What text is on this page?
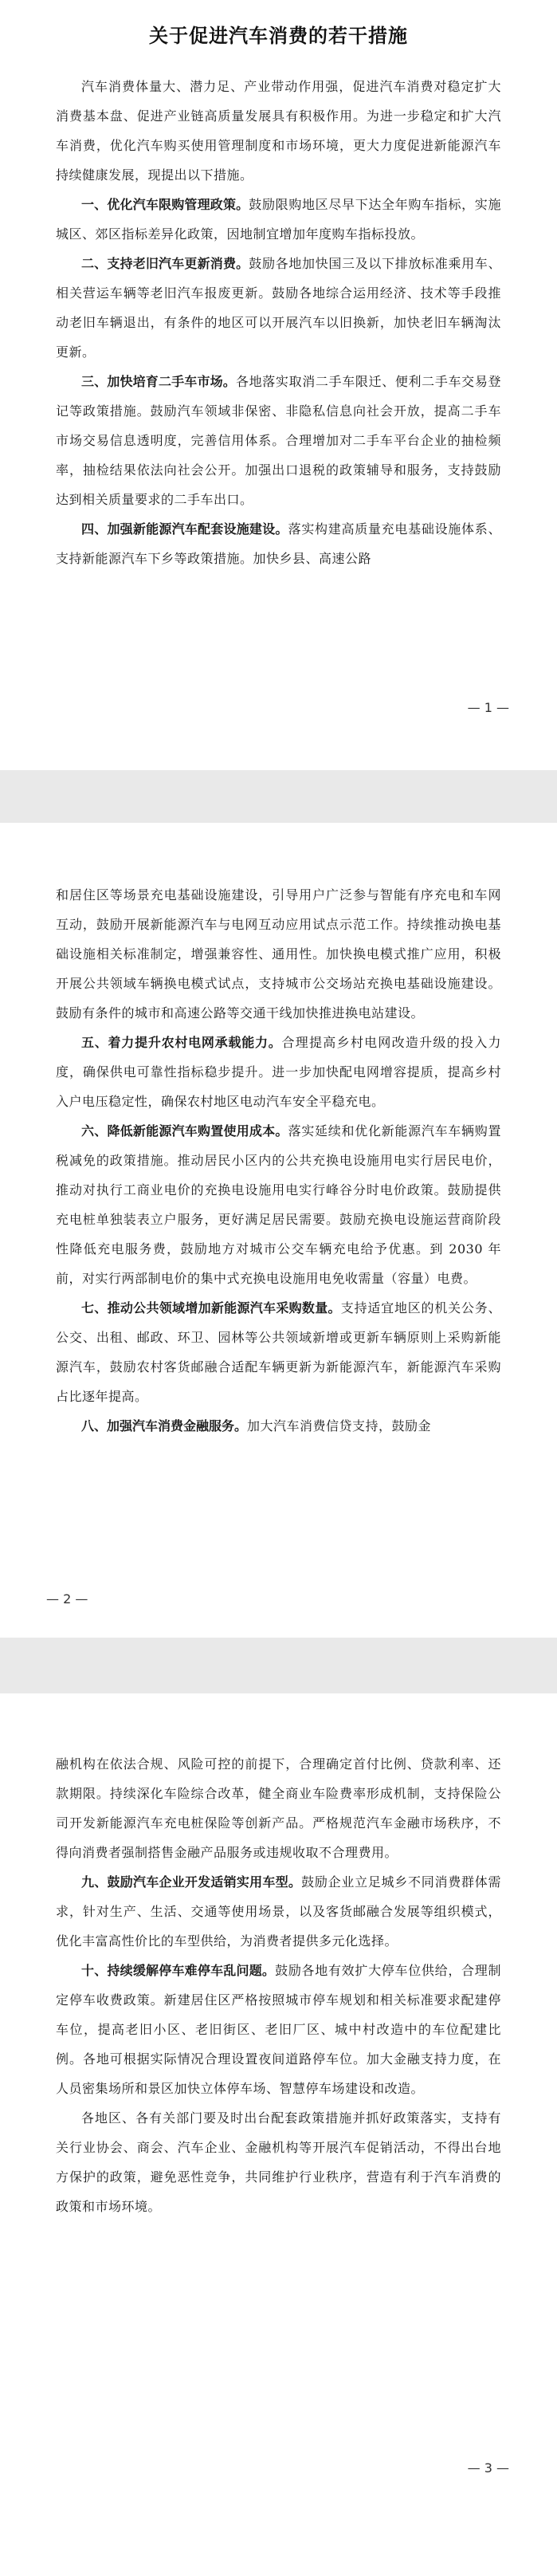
关于促进汽车消费的若干措施

汽车消费体量大、潜力足、产业带动作用强，促进汽车消费对稳定扩大消费基本盘、促进产业链高质量发展具有积极作用。为进一步稳定和扩大汽车消费，优化汽车购买使用管理制度和市场环境，更大力度促进新能源汽车持续健康发展，现提出以下措施。

一、优化汽车限购管理政策。鼓励限购地区尽早下达全年购车指标，实施城区、郊区指标差异化政策，因地制宜增加年度购车指标投放。

二、支持老旧汽车更新消费。鼓励各地加快国三及以下排放标准乘用车、相关营运车辆等老旧汽车报废更新。鼓励各地综合运用经济、技术等手段推动老旧车辆退出，有条件的地区可以开展汽车以旧换新，加快老旧车辆淘汰更新。

三、加快培育二手车市场。各地落实取消二手车限迁、便利二手车交易登记等政策措施。鼓励汽车领域非保密、非隐私信息向社会开放，提高二手车市场交易信息透明度，完善信用体系。合理增加对二手车平台企业的抽检频率，抽检结果依法向社会公开。加强出口退税的政策辅导和服务，支持鼓励达到相关质量要求的二手车出口。

四、加强新能源汽车配套设施建设。落实构建高质量充电基础设施体系、支持新能源汽车下乡等政策措施。加快乡县、高速公路

— 1 —

和居住区等场景充电基础设施建设，引导用户广泛参与智能有序充电和车网互动，鼓励开展新能源汽车与电网互动应用试点示范工作。持续推动换电基础设施相关标准制定，增强兼容性、通用性。加快换电模式推广应用，积极开展公共领域车辆换电模式试点，支持城市公交场站充换电基础设施建设。鼓励有条件的城市和高速公路等交通干线加快推进换电站建设。

五、着力提升农村电网承载能力。合理提高乡村电网改造升级的投入力度，确保供电可靠性指标稳步提升。进一步加快配电网增容提质，提高乡村入户电压稳定性，确保农村地区电动汽车安全平稳充电。

六、降低新能源汽车购置使用成本。落实延续和优化新能源汽车车辆购置税减免的政策措施。推动居民小区内的公共充换电设施用电实行居民电价，推动对执行工商业电价的充换电设施用电实行峰谷分时电价政策。鼓励提供充电桩单独装表立户服务，更好满足居民需要。鼓励充换电设施运营商阶段性降低充电服务费，鼓励地方对城市公交车辆充电给予优惠。到 2030 年前，对实行两部制电价的集中式充换电设施用电免收需量（容量）电费。

七、推动公共领域增加新能源汽车采购数量。支持适宜地区的机关公务、公交、出租、邮政、环卫、园林等公共领域新增或更新车辆原则上采购新能源汽车，鼓励农村客货邮融合适配车辆更新为新能源汽车，新能源汽车采购占比逐年提高。

八、加强汽车消费金融服务。加大汽车消费信贷支持，鼓励金

— 2 —

融机构在依法合规、风险可控的前提下，合理确定首付比例、贷款利率、还款期限。持续深化车险综合改革，健全商业车险费率形成机制，支持保险公司开发新能源汽车充电桩保险等创新产品。严格规范汽车金融市场秩序，不得向消费者强制搭售金融产品服务或违规收取不合理费用。

九、鼓励汽车企业开发适销实用车型。鼓励企业立足城乡不同消费群体需求，针对生产、生活、交通等使用场景，以及客货邮融合发展等组织模式，优化丰富高性价比的车型供给，为消费者提供多元化选择。

十、持续缓解停车难停车乱问题。鼓励各地有效扩大停车位供给，合理制定停车收费政策。新建居住区严格按照城市停车规划和相关标准要求配建停车位，提高老旧小区、老旧街区、老旧厂区、城中村改造中的车位配建比例。各地可根据实际情况合理设置夜间道路停车位。加大金融支持力度，在人员密集场所和景区加快立体停车场、智慧停车场建设和改造。

各地区、各有关部门要及时出台配套政策措施并抓好政策落实，支持有关行业协会、商会、汽车企业、金融机构等开展汽车促销活动，不得出台地方保护的政策，避免恶性竞争，共同维护行业秩序，营造有利于汽车消费的政策和市场环境。

— 3 —
